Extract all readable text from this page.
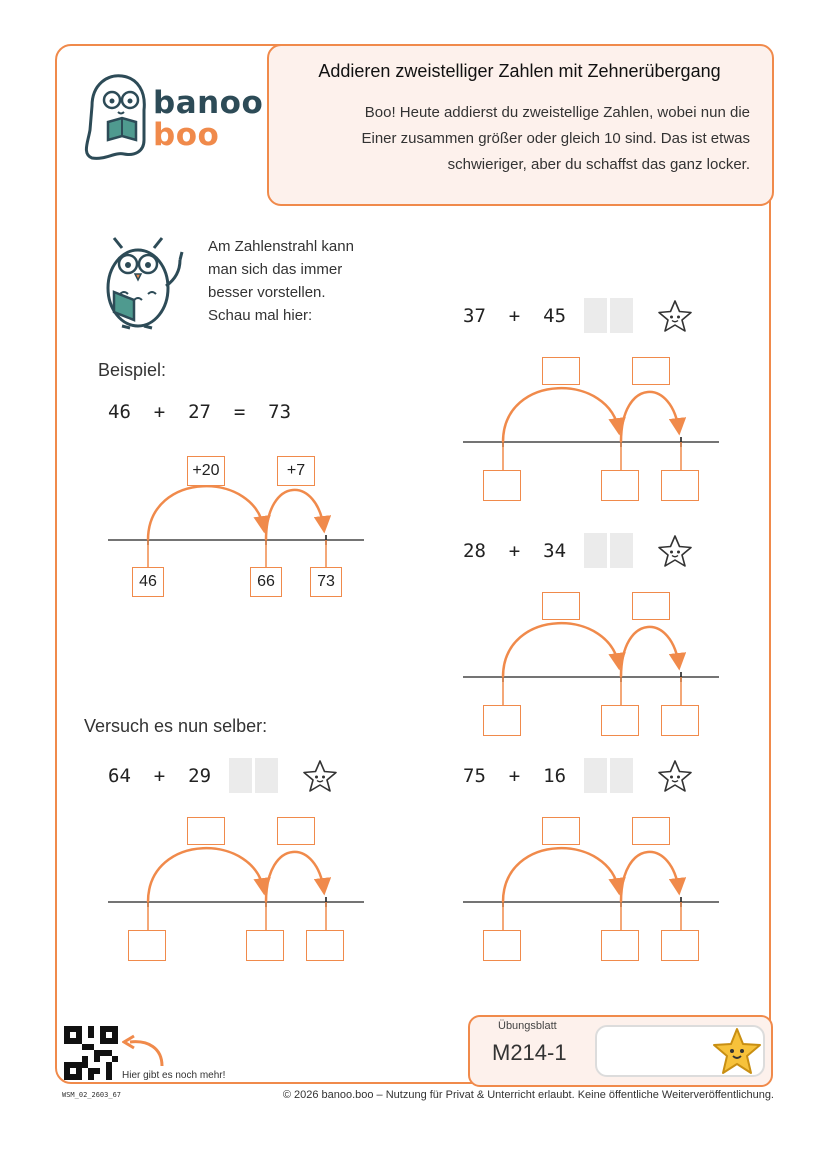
Addieren zweistelliger Zahlen mit Zehnerübergang
Boo! Heute addierst du zweistellige Zahlen, wobei nun die
Einer zusammen größer oder gleich 10 sind. Das ist etwas
schwieriger, aber du schaffst das ganz locker.
banoo
boo
Am Zahlenstrahl kann
man sich das immer
besser vorstellen.
Schau mal hier:
Beispiel:
46  +  27  =  73
+20	+7
46	66	73
Versuch es nun selber:
64 + 29
37 + 45
28 + 34
75 + 16
Hier gibt es noch mehr!
WSM_02_2603_67	© 2026 banoo.boo – Nutzung für Privat & Unterricht erlaubt. Keine öffentliche Weiterveröffentlichung.
Übungsblatt
M214-1
